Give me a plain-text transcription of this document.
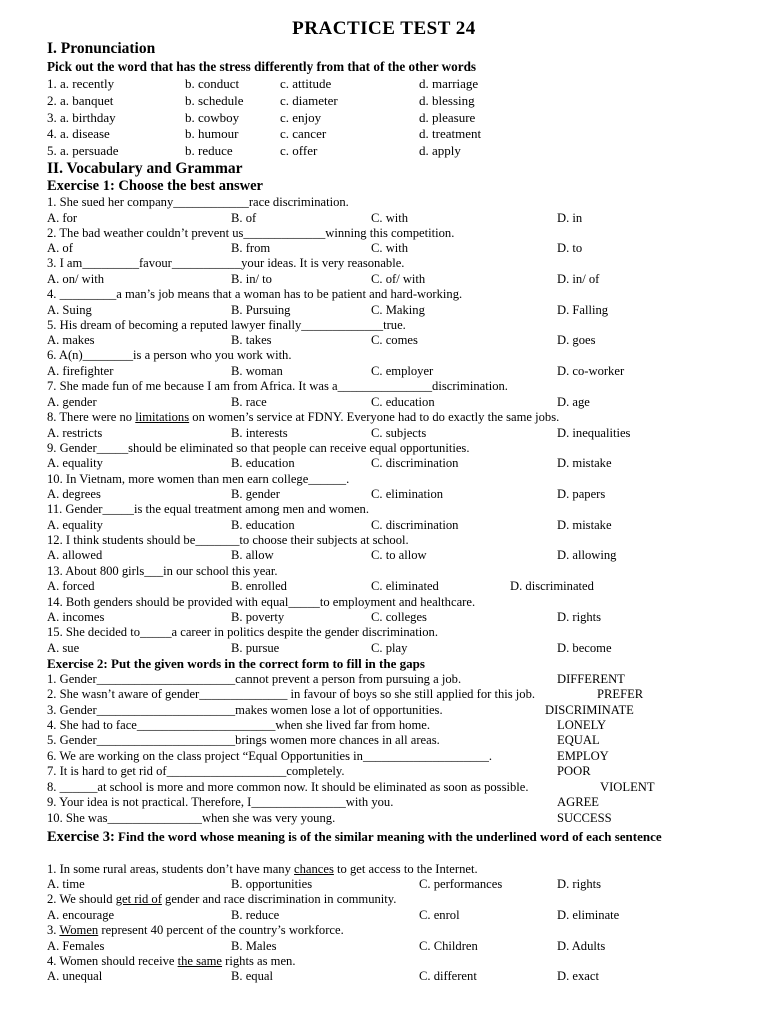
PRACTICE TEST 24
I. Pronunciation
Pick out the word that has the stress differently from that of the other words
1. a. recently	b. conduct	c. attitude	d. marriage
2. a. banquet	b. schedule	c. diameter	d. blessing
3. a. birthday	b. cowboy	c. enjoy	d. pleasure
4. a. disease	b. humour	c. cancer	d. treatment
5. a. persuade	b. reduce	c. offer	d. apply
II. Vocabulary and Grammar
Exercise 1: Choose the best answer
1. She sued her company____________race discrimination.
A. for	B. of	C. with	D. in
2. The bad weather couldn’t prevent us_____________winning this competition.
A. of	B. from	C. with	D. to
3. I am_________favour___________your ideas. It is very reasonable.
A. on/ with	B. in/ to	C. of/ with	D. in/ of
4. _________a man’s job means that a woman has to be patient and hard-working.
A. Suing	B. Pursuing	C. Making	D. Falling
5. His dream of becoming a reputed lawyer finally_____________true.
A. makes	B. takes	C. comes	D. goes
6. A(n)________is a person who you work with.
A. firefighter	B. woman	C. employer	D. co-worker
7. She made fun of me because I am from Africa. It was a_______________discrimination.
A. gender	B. race	C. education	D. age
8. There were no limitations on women’s service at FDNY. Everyone had to do exactly the same jobs.
A. restricts	B. interests	C. subjects	D. inequalities
9. Gender_____should be eliminated so that people can receive equal opportunities.
A. equality	B. education	C. discrimination	D. mistake
10. In Vietnam, more women than men earn college______.
A. degrees	B. gender	C. elimination	D. papers
11. Gender_____is the equal treatment among men and women.
A. equality	B. education	C. discrimination	D. mistake
12. I think students should be_______to choose their subjects at school.
A. allowed	B. allow	C. to allow	D. allowing
13. About 800 girls___in our school this year.
A. forced	B. enrolled	C. eliminated	D. discriminated
14. Both genders should be provided with equal_____to employment and healthcare.
A. incomes	B. poverty	C. colleges	D. rights
15. She decided to_____a career in politics despite the gender discrimination.
A. sue	B. pursue	C. play	D. become
Exercise 2: Put the given words in the correct form to fill in the gaps
1. Gender______________________cannot prevent a person from pursuing a job.	DIFFERENT
2. She wasn’t aware of gender______________ in favour of boys so she still applied for this job.	PREFER
3. Gender______________________makes women lose a lot of opportunities.	DISCRIMINATE
4. She had to face______________________when she lived far from home.	LONELY
5. Gender______________________brings women more chances in all areas.	EQUAL
6. We are working on the class project “Equal Opportunities in____________________.	EMPLOY
7. It is hard to get rid of___________________completely.	POOR
8. ______at school is more and more common now. It should be eliminated as soon as possible.	VIOLENT
9. Your idea is not practical. Therefore, I_______________with you.	AGREE
10. She was_______________when she was very young.	SUCCESS
Exercise 3: Find the word whose meaning is of the similar meaning with the underlined word of each sentence
1. In some rural areas, students don’t have many chances to get access to the Internet.
A. time	B. opportunities	C. performances	D. rights
2. We should get rid of gender and race discrimination in community.
A. encourage	B. reduce	C. enrol	D. eliminate
3. Women represent 40 percent of the country’s workforce.
A. Females	B. Males	C. Children	D. Adults
4. Women should receive the same rights as men.
A. unequal	B. equal	C. different	D. exact
